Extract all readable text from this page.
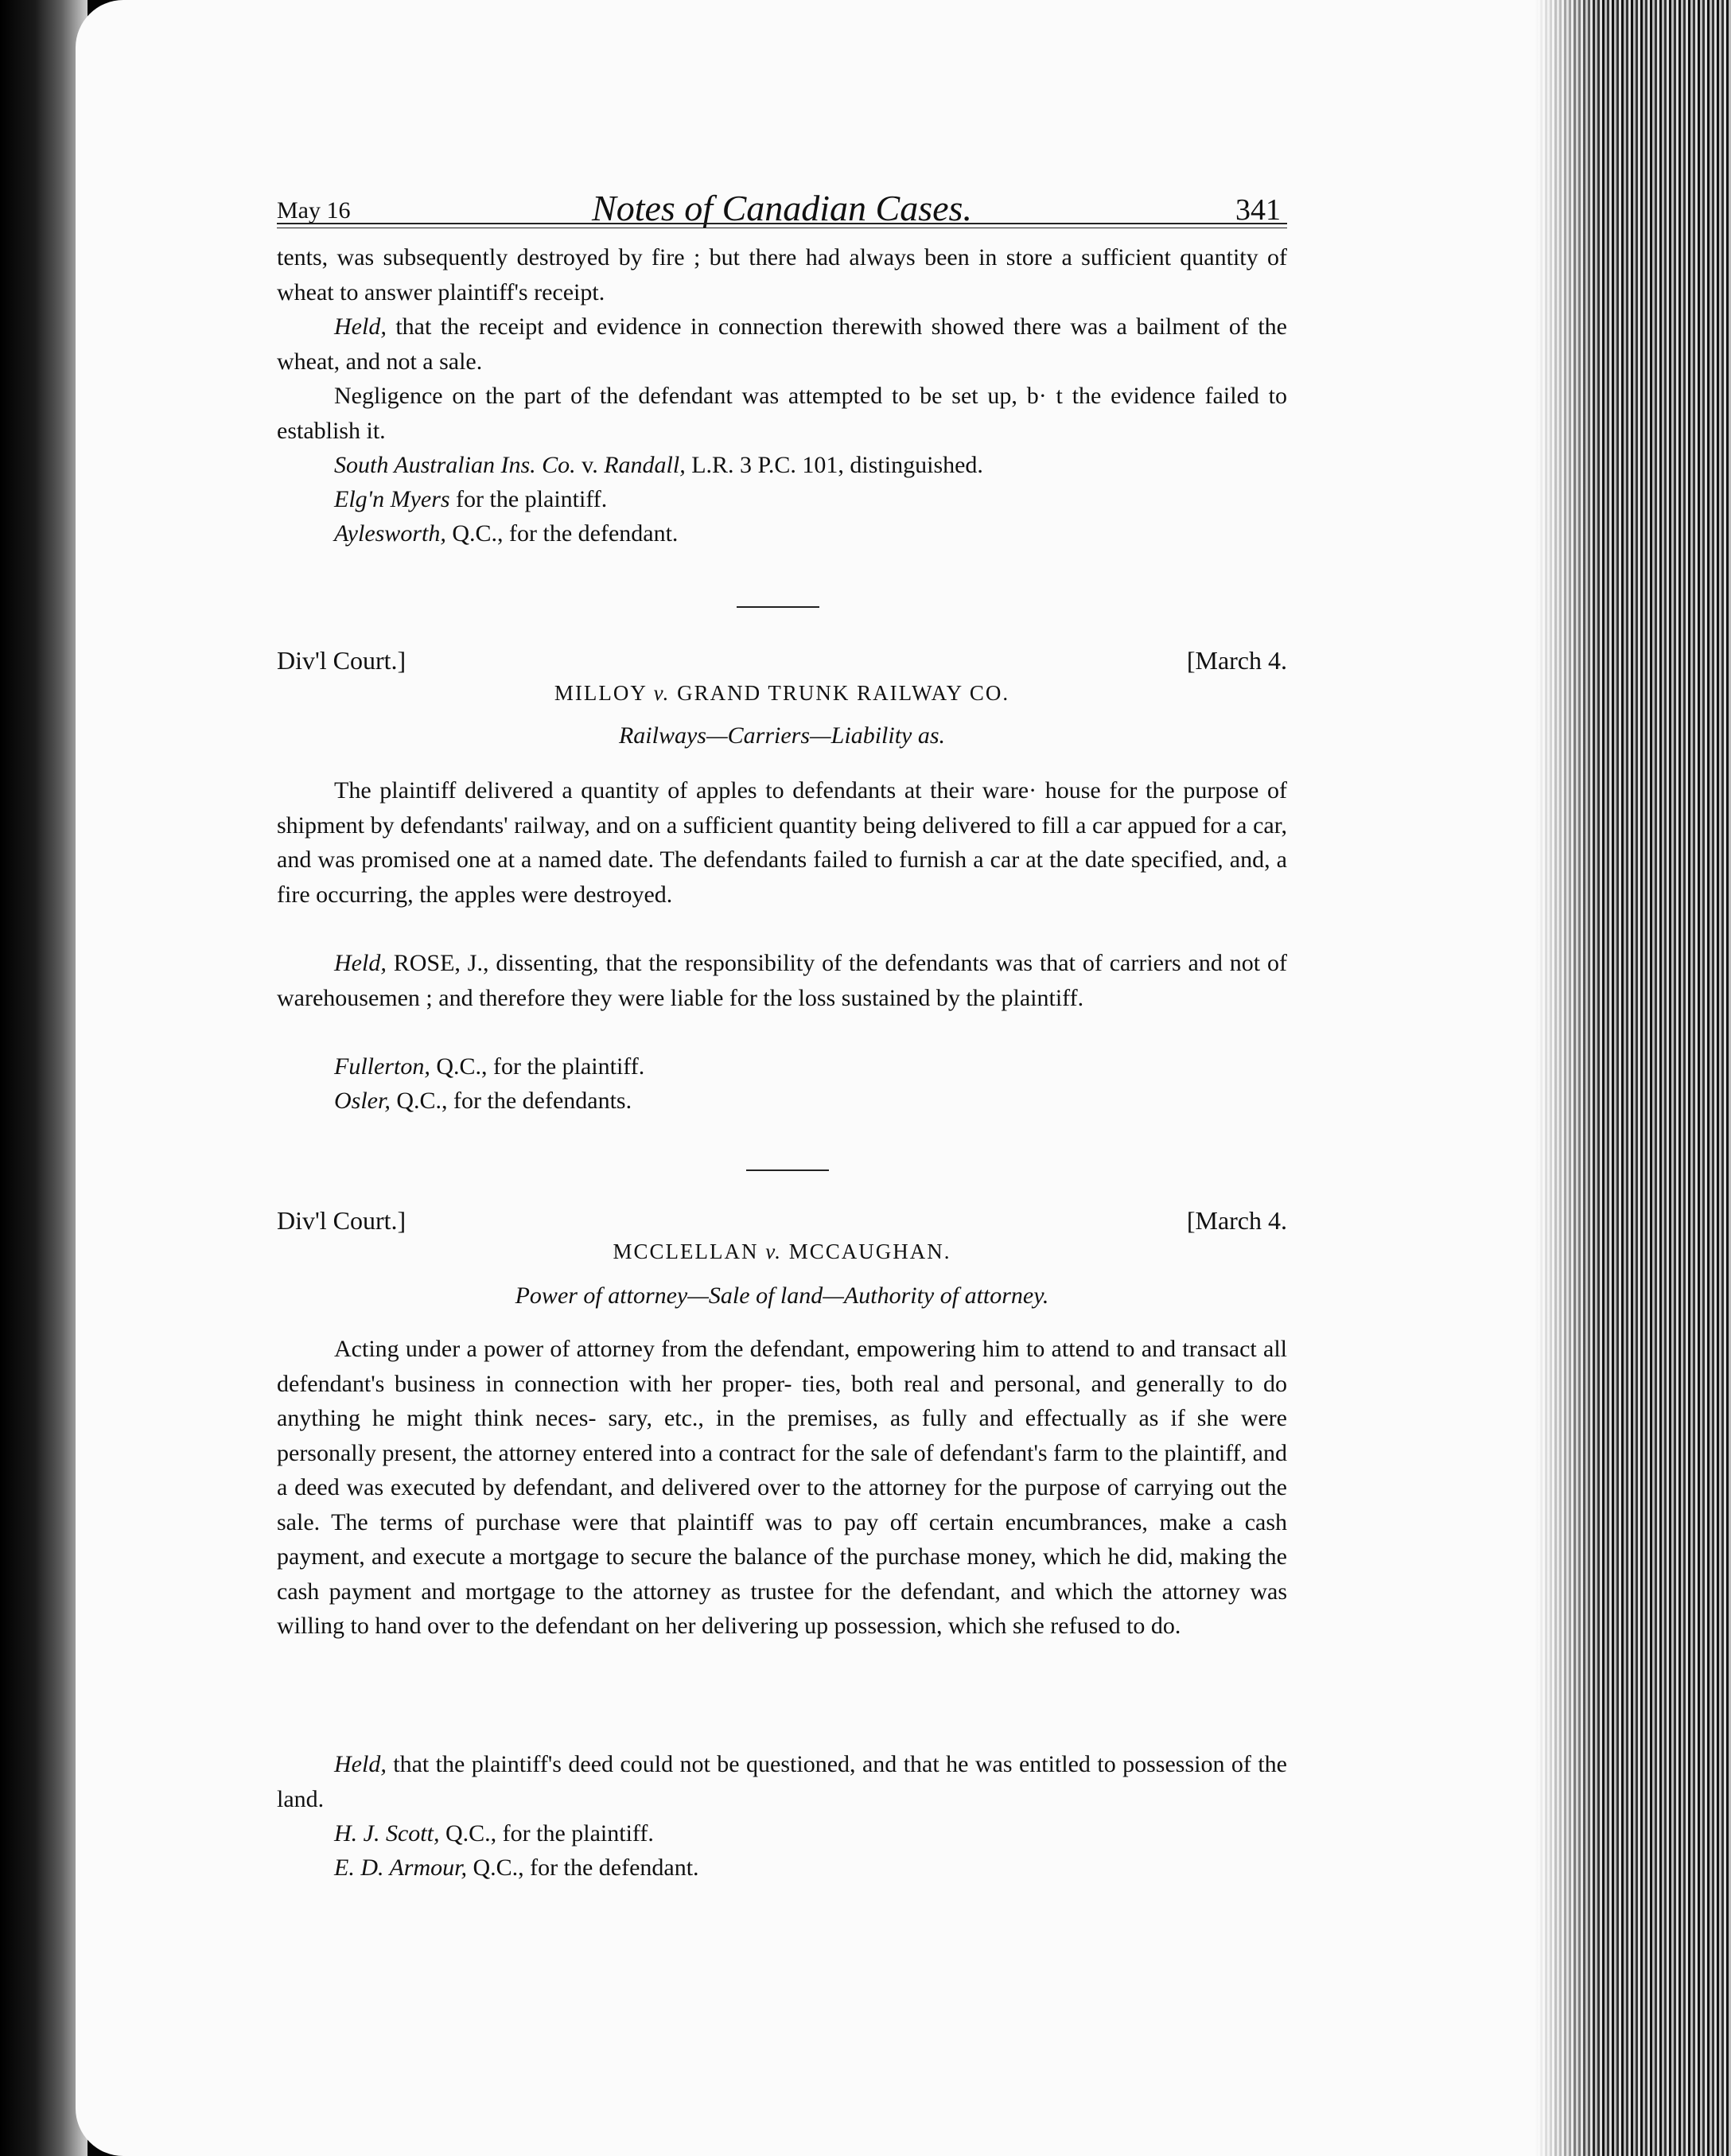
May 16	Notes of Canadian Cases.	341
tents, was subsequently destroyed by fire ; but there had always been in store a sufficient quantity of wheat to answer plaintiff's receipt.
Held, that the receipt and evidence in connection therewith showed there was a bailment of the wheat, and not a sale.
Negligence on the part of the defendant was attempted to be set up, b· t the evidence failed to establish it.
South Australian Ins. Co. v. Randall, L.R. 3 P.C. 101, distinguished.
Elg'n Myers for the plaintiff.
Aylesworth, Q.C., for the defendant.
Div'l Court.]	[March 4.
MILLOY v. GRAND TRUNK RAILWAY CO.
Railways—Carriers—Liability as.
The plaintiff delivered a quantity of apples to defendants at their ware· house for the purpose of shipment by defendants' railway, and on a sufficient quantity being delivered to fill a car appued for a car, and was promised one at a named date. The defendants failed to furnish a car at the date specified, and, a fire occurring, the apples were destroyed.
Held, ROSE, J., dissenting, that the responsibility of the defendants was that of carriers and not of warehousemen ; and therefore they were liable for the loss sustained by the plaintiff.
Fullerton, Q.C., for the plaintiff.
Osler, Q.C., for the defendants.
Div'l Court.]	[March 4.
MCCLELLAN v. MCCAUGHAN.
Power of attorney—Sale of land—Authority of attorney.
Acting under a power of attorney from the defendant, empowering him to attend to and transact all defendant's business in connection with her proper- ties, both real and personal, and generally to do anything he might think neces- sary, etc., in the premises, as fully and effectually as if she were personally present, the attorney entered into a contract for the sale of defendant's farm to the plaintiff, and a deed was executed by defendant, and delivered over to the attorney for the purpose of carrying out the sale. The terms of purchase were that plaintiff was to pay off certain encumbrances, make a cash payment, and execute a mortgage to secure the balance of the purchase money, which he did, making the cash payment and mortgage to the attorney as trustee for the defendant, and which the attorney was willing to hand over to the defendant on her delivering up possession, which she refused to do.
Held, that the plaintiff's deed could not be questioned, and that he was entitled to possession of the land.
H. J. Scott, Q.C., for the plaintiff.
E. D. Armour, Q.C., for the defendant.
